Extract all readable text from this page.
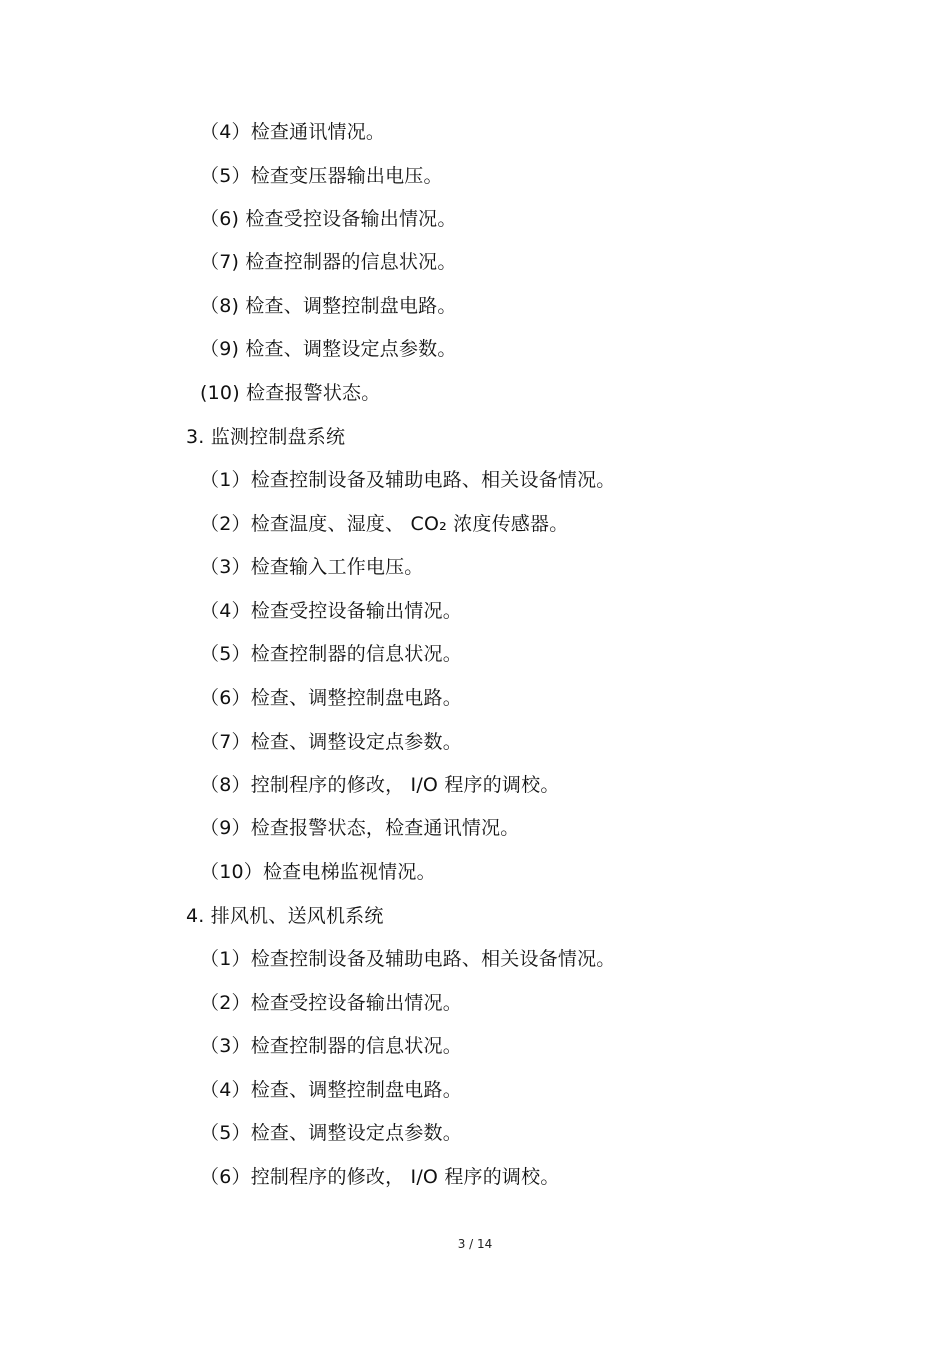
（4）检查通讯情况。
（5）检查变压器输出电压。
（6) 检查受控设备输出情况。
（7) 检查控制器的信息状况。
（8) 检查、调整控制盘电路。
（9) 检查、调整设定点参数。
(10) 检查报警状态。
3. 监测控制盘系统
（1）检查控制设备及辅助电路、相关设备情况。
（2）检查温度、湿度、 CO₂ 浓度传感器。
（3）检查输入工作电压。
（4）检查受控设备输出情况。
（5）检查控制器的信息状况。
（6）检查、调整控制盘电路。
（7）检查、调整设定点参数。
（8）控制程序的修改， I/O 程序的调校。
（9）检查报警状态，检查通讯情况。
（10）检查电梯监视情况。
4. 排风机、送风机系统
（1）检查控制设备及辅助电路、相关设备情况。
（2）检查受控设备输出情况。
（3）检查控制器的信息状况。
（4）检查、调整控制盘电路。
（5）检查、调整设定点参数。
（6）控制程序的修改， I/O 程序的调校。
3 / 14
